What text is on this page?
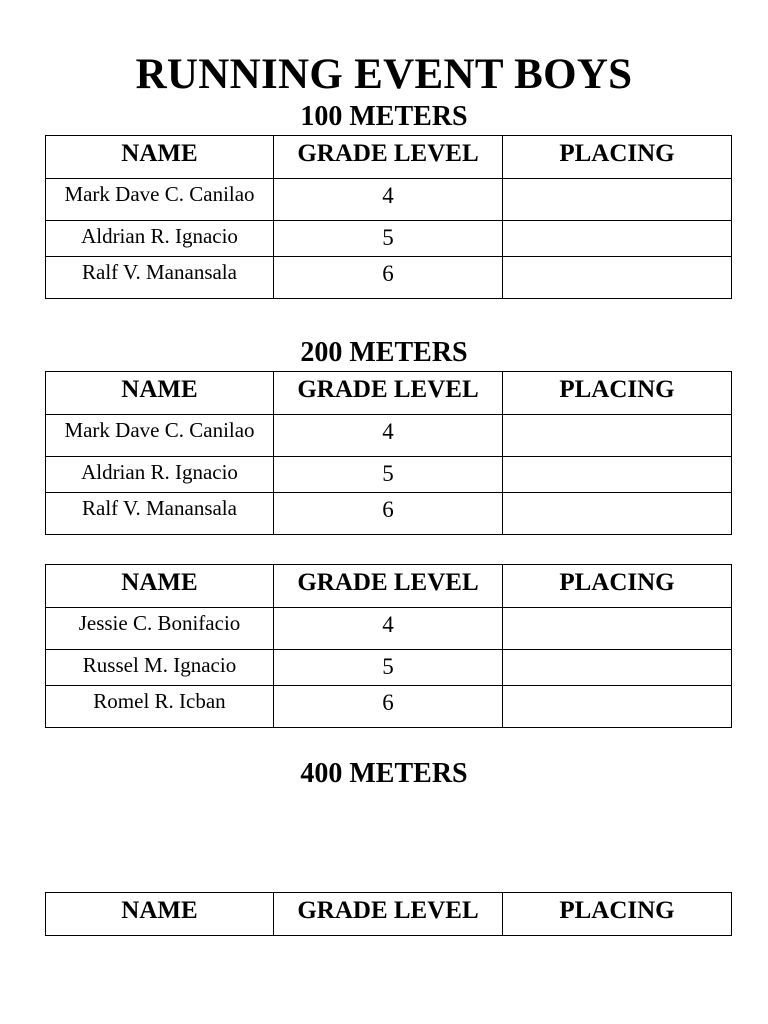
RUNNING EVENT BOYS
100 METERS
NAME	GRADE LEVEL	PLACING
Mark Dave C. Canilao	4	
Aldrian R. Ignacio	5	
Ralf V. Manansala	6	
200 METERS
NAME	GRADE LEVEL	PLACING
Mark Dave C. Canilao	4	
Aldrian R. Ignacio	5	
Ralf V. Manansala	6	
NAME	GRADE LEVEL	PLACING
Jessie C. Bonifacio	4	
Russel M. Ignacio	5	
Romel R. Icban	6	
400 METERS
NAME	GRADE LEVEL	PLACING
